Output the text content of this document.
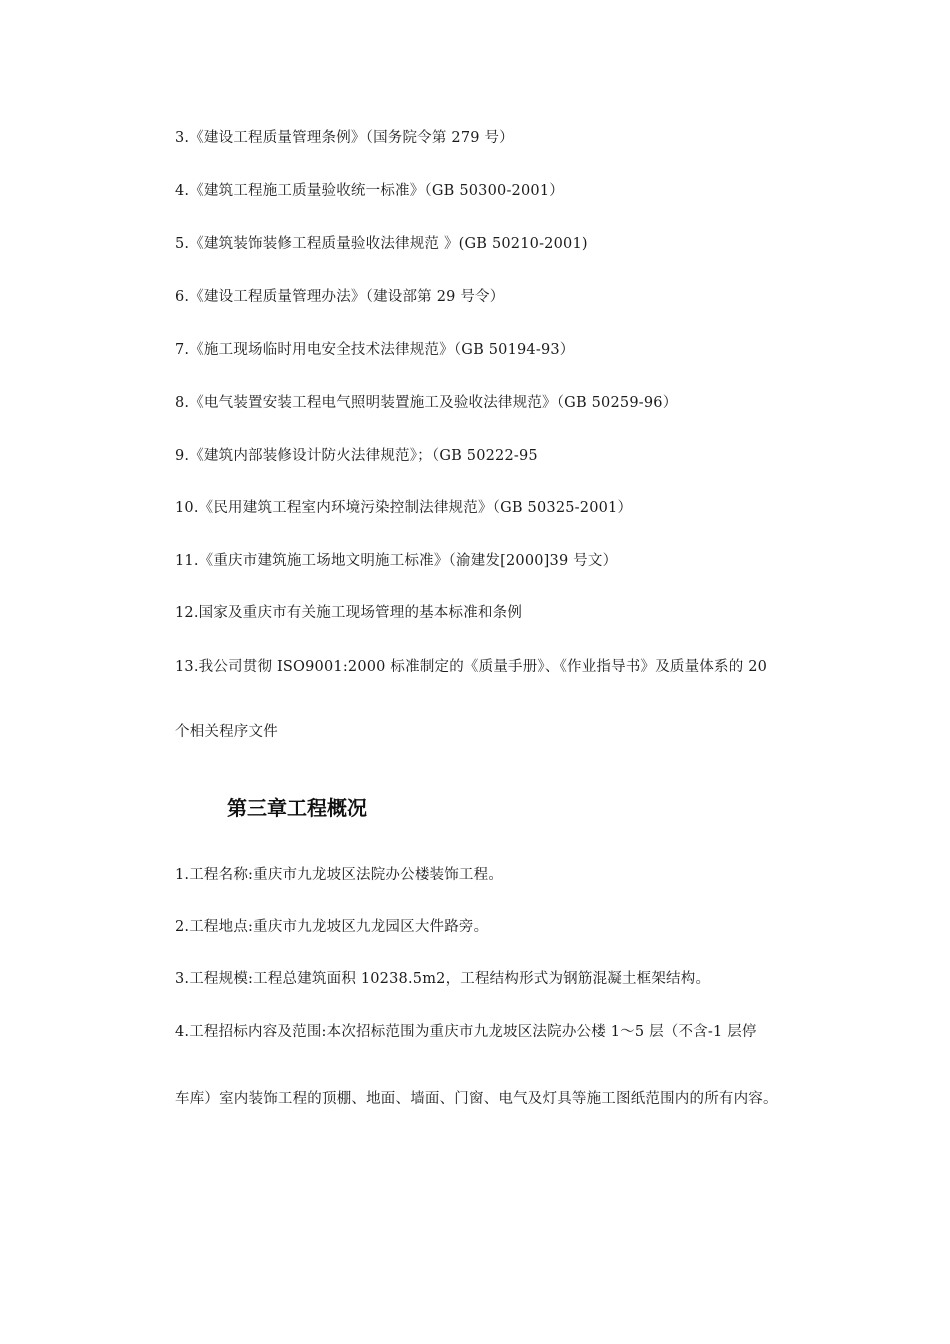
3.《建设工程质量管理条例》（国务院令第 279 号）
4.《建筑工程施工质量验收统一标准》（GB 50300-2001）
5.《建筑装饰装修工程质量验收法律规范 》(GB 50210-2001)
6.《建设工程质量管理办法》（建设部第 29 号令）
7.《施工现场临时用电安全技术法律规范》（GB 50194-93）
8.《电气装置安装工程电气照明装置施工及验收法律规范》（GB 50259-96）
9.《建筑内部装修设计防火法律规范》；（GB 50222-95
10.《民用建筑工程室内环境污染控制法律规范》（GB 50325-2001）
11.《重庆市建筑施工场地文明施工标准》（渝建发[2000]39 号文）
12.国家及重庆市有关施工现场管理的基本标准和条例
13.我公司贯彻 ISO9001:2000 标准制定的《质量手册》、《作业指导书》及质量体系的 20
个相关程序文件
第三章工程概况
1.工程名称:重庆市九龙坡区法院办公楼装饰工程。
2.工程地点:重庆市九龙坡区九龙园区大件路旁。
3.工程规模:工程总建筑面积 10238.5m2，工程结构形式为钢筋混凝土框架结构。
4.工程招标内容及范围:本次招标范围为重庆市九龙坡区法院办公楼 1～5 层（不含-1 层停
车库）室内装饰工程的顶棚、地面、墙面、门窗、电气及灯具等施工图纸范围内的所有内容。
